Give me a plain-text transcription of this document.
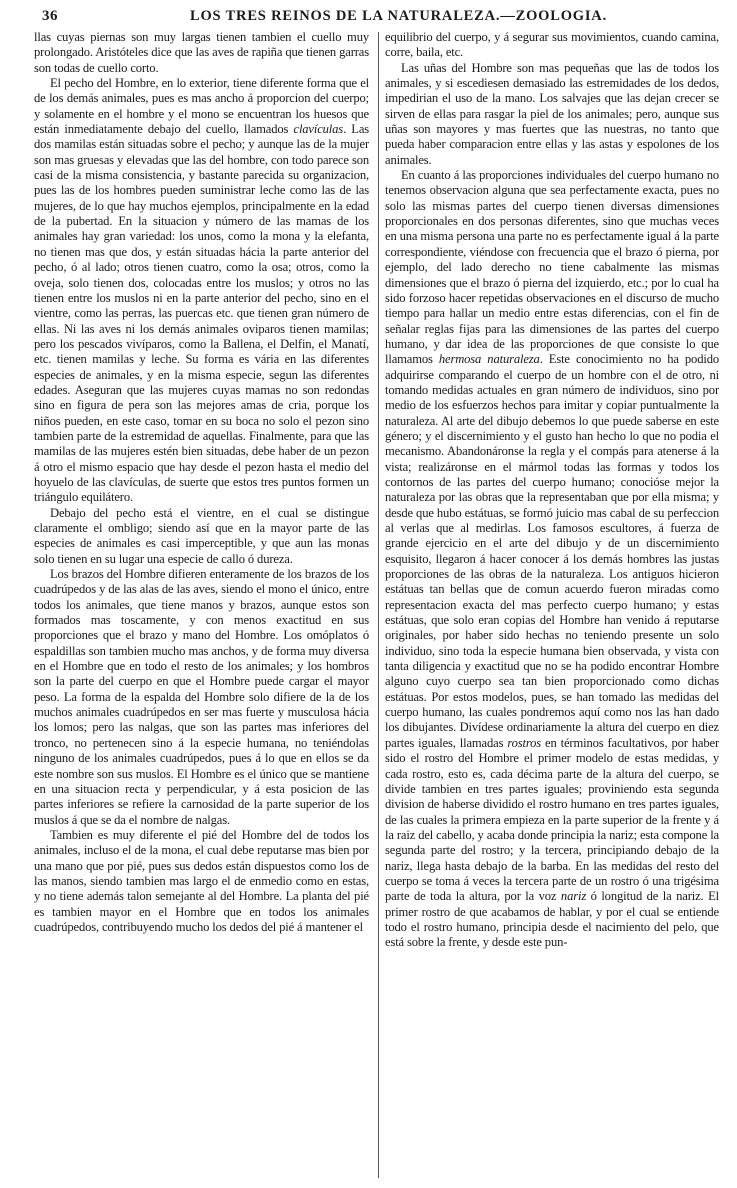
36	LOS TRES REINOS DE LA NATURALEZA.—ZOOLOGIA.

llas cuyas piernas son muy largas tienen tambien el cuello muy prolongado. Aristóteles dice que las aves de rapiña que tienen garras son todas de cuello corto.

El pecho del Hombre, en lo exterior, tiene diferente forma que el de los demás animales, pues es mas ancho á proporcion del cuerpo; y solamente en el hombre y el mono se encuentran los huesos que están inmediatamente debajo del cuello, llamados clavículas. Las dos mamilas están situadas sobre el pecho; y aunque las de la mujer son mas gruesas y elevadas que las del hombre, con todo parece son casi de la misma consistencia, y bastante parecida su organizacion, pues las de los hombres pueden suministrar leche como las de las mujeres, de lo que hay muchos ejemplos, principalmente en la edad de la pubertad. En la situacion y número de las mamas de los animales hay gran variedad: los unos, como la mona y la elefanta, no tienen mas que dos, y están situadas hácia la parte anterior del pecho, ó al lado; otros tienen cuatro, como la osa; otros, como la oveja, solo tienen dos, colocadas entre los muslos; y otros no las tienen entre los muslos ni en la parte anterior del pecho, sino en el vientre, como las perras, las puercas etc. que tienen gran número de ellas. Ni las aves ni los demás animales oviparos tienen mamilas; pero los pescados vivíparos, como la Ballena, el Delfin, el Manatí, etc. tienen mamilas y leche. Su forma es vária en las diferentes especies de animales, y en la misma especie, segun las diferentes edades. Aseguran que las mujeres cuyas mamas no son redondas sino en figura de pera son las mejores amas de cria, porque los niños pueden, en este caso, tomar en su boca no solo el pezon sino tambien parte de la estremidad de aquellas. Finalmente, para que las mamilas de las mujeres estén bien situadas, debe haber de un pezon á otro el mismo espacio que hay desde el pezon hasta el medio del hoyuelo de las clavículas, de suerte que estos tres puntos formen un triángulo equilátero.

Debajo del pecho está el vientre, en el cual se distingue claramente el ombligo; siendo así que en la mayor parte de las especies de animales es casi imperceptible, y que aun las monas solo tienen en su lugar una especie de callo ó dureza.

Los brazos del Hombre difieren enteramente de los brazos de los cuadrúpedos y de las alas de las aves, siendo el mono el único, entre todos los animales, que tiene manos y brazos, aunque estos son formados mas toscamente, y con menos exactitud en sus proporciones que el brazo y mano del Hombre. Los omóplatos ó espaldillas son tambien mucho mas anchos, y de forma muy diversa en el Hombre que en todo el resto de los animales; y los hombros son la parte del cuerpo en que el Hombre puede cargar el mayor peso. La forma de la espalda del Hombre solo difiere de la de los muchos animales cuadrúpedos en ser mas fuerte y musculosa hácia los lomos; pero las nalgas, que son las partes mas inferiores del tronco, no pertenecen sino á la especie humana, no teniéndolas ninguno de los animales cuadrúpedos, pues á lo que en ellos se da este nombre son sus muslos. El Hombre es el único que se mantiene en una situacion recta y perpendicular, y á esta posicion de las partes inferiores se refiere la carnosidad de la parte superior de los muslos á que se da el nombre de nalgas.

Tambien es muy diferente el pié del Hombre del de todos los animales, incluso el de la mona, el cual debe reputarse mas bien por una mano que por pié, pues sus dedos están dispuestos como los de las manos, siendo tambien mas largo el de enmedio como en estas, y no tiene además talon semejante al del Hombre. La planta del pié es tambien mayor en el Hombre que en todos los animales cuadrúpedos, contribuyendo mucho los dedos del pié á mantener el

equilibrio del cuerpo, y á segurar sus movimientos, cuando camina, corre, baila, etc.

Las uñas del Hombre son mas pequeñas que las de todos los animales, y si escediesen demasiado las estremidades de los dedos, impedirian el uso de la mano. Los salvajes que las dejan crecer se sirven de ellas para rasgar la piel de los animales; pero, aunque sus uñas son mayores y mas fuertes que las nuestras, no tanto que pueda haber comparacion entre ellas y las astas y espolones de los animales.

En cuanto á las proporciones individuales del cuerpo humano no tenemos observacion alguna que sea perfectamente exacta, pues no solo las mismas partes del cuerpo tienen diversas dimensiones proporcionales en dos personas diferentes, sino que muchas veces en una misma persona una parte no es perfectamente igual á la parte correspondiente, viéndose con frecuencia que el brazo ó pierna, por ejemplo, del lado derecho no tiene cabalmente las mismas dimensiones que el brazo ó pierna del izquierdo, etc.; por lo cual ha sido forzoso hacer repetidas observaciones en el discurso de mucho tiempo para hallar un medio entre estas diferencias, con el fin de señalar reglas fijas para las dimensiones de las partes del cuerpo humano, y dar idea de las proporciones de que consiste lo que llamamos hermosa naturaleza. Este conocimiento no ha podido adquirirse comparando el cuerpo de un hombre con el de otro, ni tomando medidas actuales en gran número de individuos, sino por medio de los esfuerzos hechos para imitar y copiar puntualmente la naturaleza. Al arte del dibujo debemos lo que puede saberse en este género; y el discernimiento y el gusto han hecho lo que no podia el mecanismo. Abandonáronse la regla y el compás para atenerse á la vista; realizáronse en el mármol todas las formas y todos los contornos de las partes del cuerpo humano; conocióse mejor la naturaleza por las obras que la representaban que por ella misma; y desde que hubo estátuas, se formó juicio mas cabal de su perfeccion al verlas que al medirlas. Los famosos escultores, á fuerza de grande ejercicio en el arte del dibujo y de un discernimiento esquisito, llegaron á hacer conocer á los demás hombres las justas proporciones de las obras de la naturaleza. Los antiguos hicieron estátuas tan bellas que de comun acuerdo fueron miradas como representacion exacta del mas perfecto cuerpo humano; y estas estátuas, que solo eran copias del Hombre han venido á reputarse originales, por haber sido hechas no teniendo presente un solo individuo, sino toda la especie humana bien observada, y vista con tanta diligencia y exactitud que no se ha podido encontrar Hombre alguno cuyo cuerpo sea tan bien proporcionado como dichas estátuas. Por estos modelos, pues, se han tomado las medidas del cuerpo humano, las cuales pondremos aquí como nos las han dado los dibujantes. Divídese ordinariamente la altura del cuerpo en diez partes iguales, llamadas rostros en términos facultativos, por haber sido el rostro del Hombre el primer modelo de estas medidas, y cada rostro, esto es, cada décima parte de la altura del cuerpo, se divide tambien en tres partes iguales; proviniendo esta segunda division de haberse dividido el rostro humano en tres partes iguales, de las cuales la primera empieza en la parte superior de la frente y á la raiz del cabello, y acaba donde principia la nariz; esta compone la segunda parte del rostro; y la tercera, principiando debajo de la nariz, llega hasta debajo de la barba. En las medidas del resto del cuerpo se toma á veces la tercera parte de un rostro ó una trigésima parte de toda la altura, por la voz nariz ó longitud de la nariz. El primer rostro de que acabamos de hablar, y por el cual se entiende todo el rostro humano, principia desde el nacimiento del pelo, que está sobre la frente, y desde este pun-
